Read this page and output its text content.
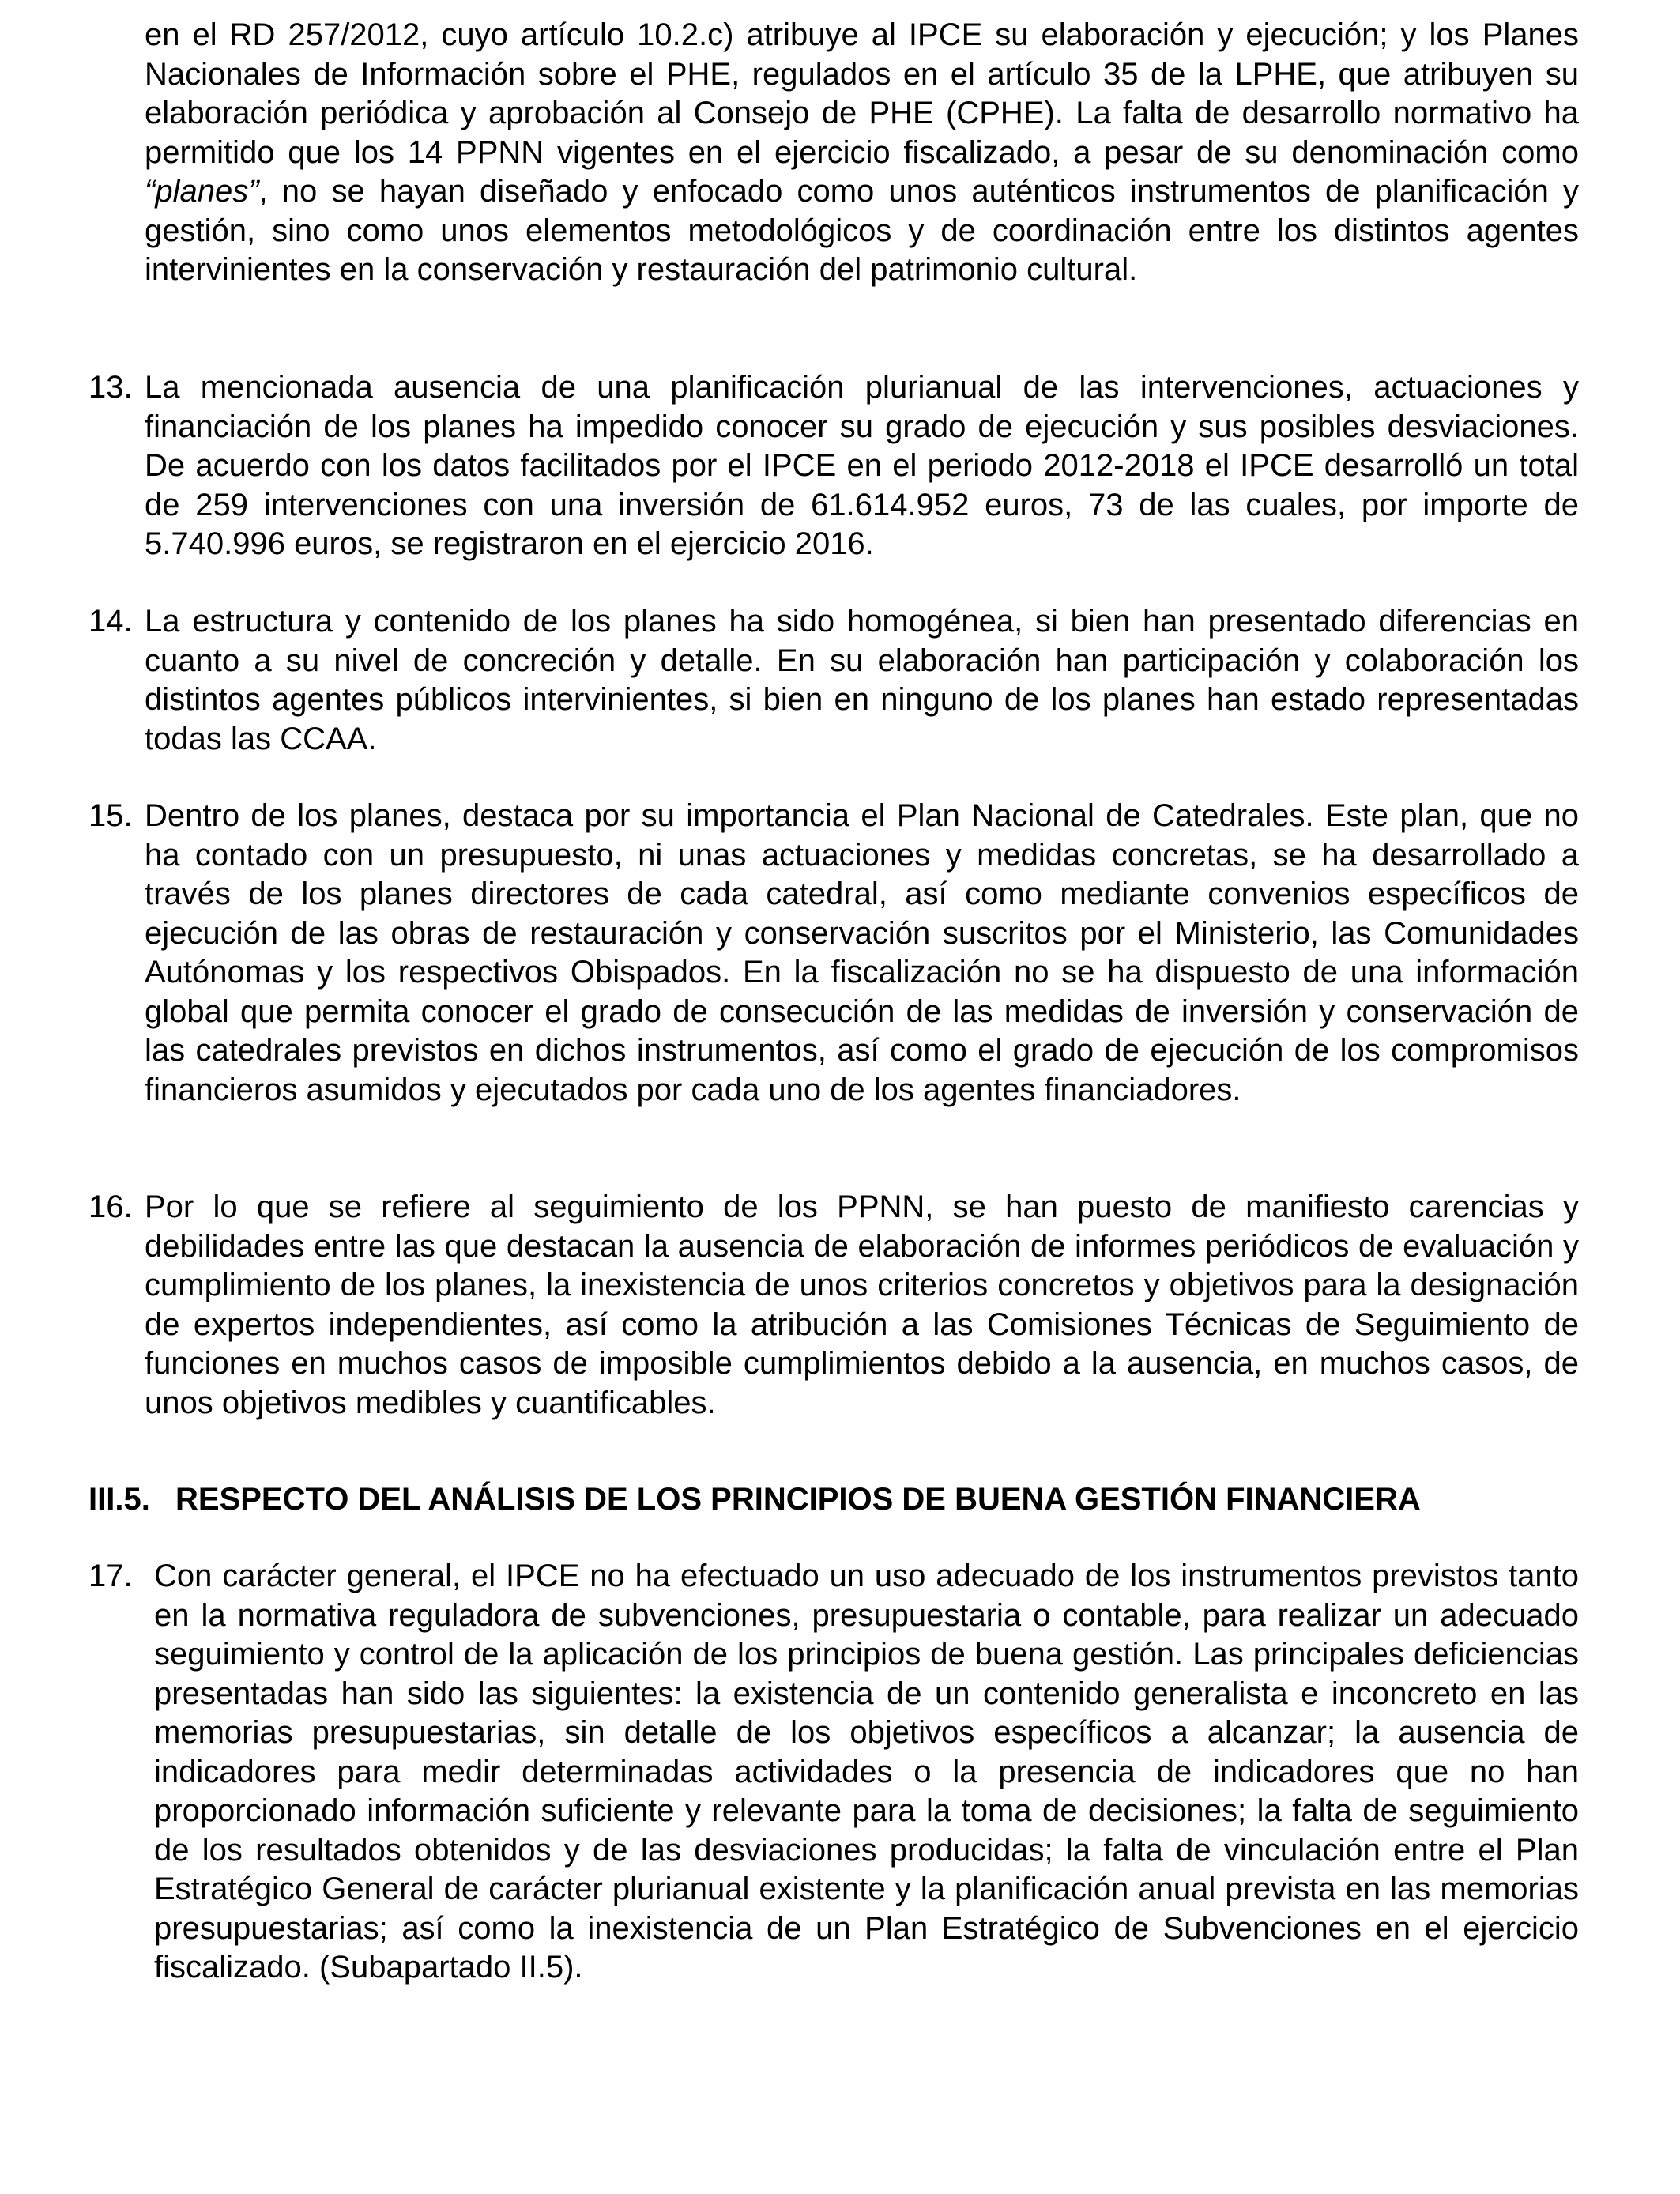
en el RD 257/2012, cuyo artículo 10.2.c) atribuye al IPCE su elaboración y ejecución; y los Planes Nacionales de Información sobre el PHE, regulados en el artículo 35 de la LPHE, que atribuyen su elaboración periódica y aprobación al Consejo de PHE (CPHE). La falta de desarrollo normativo ha permitido que los 14 PPNN vigentes en el ejercicio fiscalizado, a pesar de su denominación como “planes”, no se hayan diseñado y enfocado como unos auténticos instrumentos de planificación y gestión, sino como unos elementos metodológicos y de coordinación entre los distintos agentes intervinientes en la conservación y restauración del patrimonio cultural.

13. La mencionada ausencia de una planificación plurianual de las intervenciones, actuaciones y financiación de los planes ha impedido conocer su grado de ejecución y sus posibles desviaciones. De acuerdo con los datos facilitados por el IPCE en el periodo 2012-2018 el IPCE desarrolló un total de 259 intervenciones con una inversión de 61.614.952 euros, 73 de las cuales, por importe de 5.740.996 euros, se registraron en el ejercicio 2016.

14. La estructura y contenido de los planes ha sido homogénea, si bien han presentado diferencias en cuanto a su nivel de concreción y detalle. En su elaboración han participación y colaboración los distintos agentes públicos intervinientes, si bien en ninguno de los planes han estado representadas todas las CCAA.

15. Dentro de los planes, destaca por su importancia el Plan Nacional de Catedrales. Este plan, que no ha contado con un presupuesto, ni unas actuaciones y medidas concretas, se ha desarrollado a través de los planes directores de cada catedral, así como mediante convenios específicos de ejecución de las obras de restauración y conservación suscritos por el Ministerio, las Comunidades Autónomas y los respectivos Obispados. En la fiscalización no se ha dispuesto de una información global que permita conocer el grado de consecución de las medidas de inversión y conservación de las catedrales previstos en dichos instrumentos, así como el grado de ejecución de los compromisos financieros asumidos y ejecutados por cada uno de los agentes financiadores.

16. Por lo que se refiere al seguimiento de los PPNN, se han puesto de manifiesto carencias y debilidades entre las que destacan la ausencia de elaboración de informes periódicos de evaluación y cumplimiento de los planes, la inexistencia de unos criterios concretos y objetivos para la designación de expertos independientes, así como la atribución a las Comisiones Técnicas de Seguimiento de funciones en muchos casos de imposible cumplimientos debido a la ausencia, en muchos casos, de unos objetivos medibles y cuantificables.

III.5. RESPECTO DEL ANÁLISIS DE LOS PRINCIPIOS DE BUENA GESTIÓN FINANCIERA
17. Con carácter general, el IPCE no ha efectuado un uso adecuado de los instrumentos previstos tanto en la normativa reguladora de subvenciones, presupuestaria o contable, para realizar un adecuado seguimiento y control de la aplicación de los principios de buena gestión. Las principales deficiencias presentadas han sido las siguientes: la existencia de un contenido generalista e inconcreto en las memorias presupuestarias, sin detalle de los objetivos específicos a alcanzar; la ausencia de indicadores para medir determinadas actividades o la presencia de indicadores que no han proporcionado información suficiente y relevante para la toma de decisiones; la falta de seguimiento de los resultados obtenidos y de las desviaciones producidas; la falta de vinculación entre el Plan Estratégico General de carácter plurianual existente y la planificación anual prevista en las memorias presupuestarias; así como la inexistencia de un Plan Estratégico de Subvenciones en el ejercicio fiscalizado. (Subapartado II.5).
